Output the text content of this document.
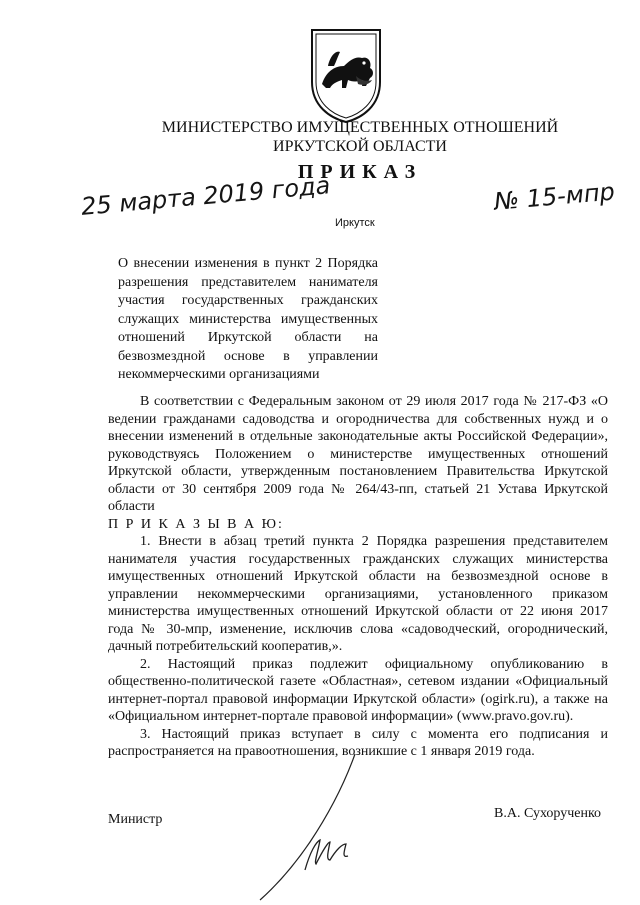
МИНИСТЕРСТВО ИМУЩЕСТВЕННЫХ ОТНОШЕНИЙ
ИРКУТСКОЙ ОБЛАСТИ
ПРИКАЗ
25 марта 2019 года	№ 15-мпр
Иркутск
О внесении изменения в пункт 2 Порядка разрешения представителем нанимателя участия государственных гражданских служащих министерства имущественных отношений Иркутской области на безвозмездной основе в управлении некоммерческими организациями

В соответствии с Федеральным законом от 29 июля 2017 года № 217-ФЗ «О ведении гражданами садоводства и огородничества для собственных нужд и о внесении изменений в отдельные законодательные акты Российской Федерации», руководствуясь Положением о министерстве имущественных отношений Иркутской области, утвержденным постановлением Правительства Иркутской области от 30 сентября 2009 года № 264/43-пп, статьей 21 Устава Иркутской области

П Р И К А З Ы В А Ю:

1. Внести в абзац третий пункта 2 Порядка разрешения представителем нанимателя участия государственных гражданских служащих министерства имущественных отношений Иркутской области на безвозмездной основе в управлении некоммерческими организациями, установленного приказом министерства имущественных отношений Иркутской области от 22 июня 2017 года № 30-мпр, изменение, исключив слова «садоводческий, огороднический, дачный потребительский кооператив,».

2. Настоящий приказ подлежит официальному опубликованию в общественно-политической газете «Областная», сетевом издании «Официальный интернет-портал правовой информации Иркутской области» (ogirk.ru), а также на «Официальном интернет-портале правовой информации» (www.pravo.gov.ru).

3. Настоящий приказ вступает в силу с момента его подписания и распространяется на правоотношения, возникшие с 1 января 2019 года.

Министр	В.А. Сухорученко
